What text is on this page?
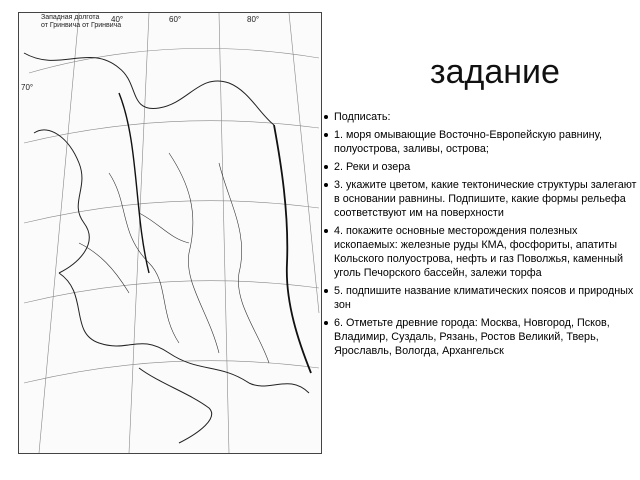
Западная долгота
от Гринвича от Гринвича
40°	60°	80°
70°	задание
Подписать:
1. моря омывающие Восточно-Европейскую равнину, полуострова, заливы, острова;
2. Реки и озера
3. укажите цветом, какие тектонические структуры залегают в основании равнины. Подпишите, какие формы рельефа соответствуют им на поверхности
4. покажите основные месторождения полезных ископаемых: железные руды КМА, фосфориты, апатиты Кольского полуострова, нефть и газ Поволжья, каменный уголь Печорского бассейн, залежи торфа
5. подпишите название климатических поясов и природных зон
6. Отметьте древние города: Москва, Новгород, Псков, Владимир, Суздаль, Рязань, Ростов Великий, Тверь, Ярославль, Вологда, Архангельск
